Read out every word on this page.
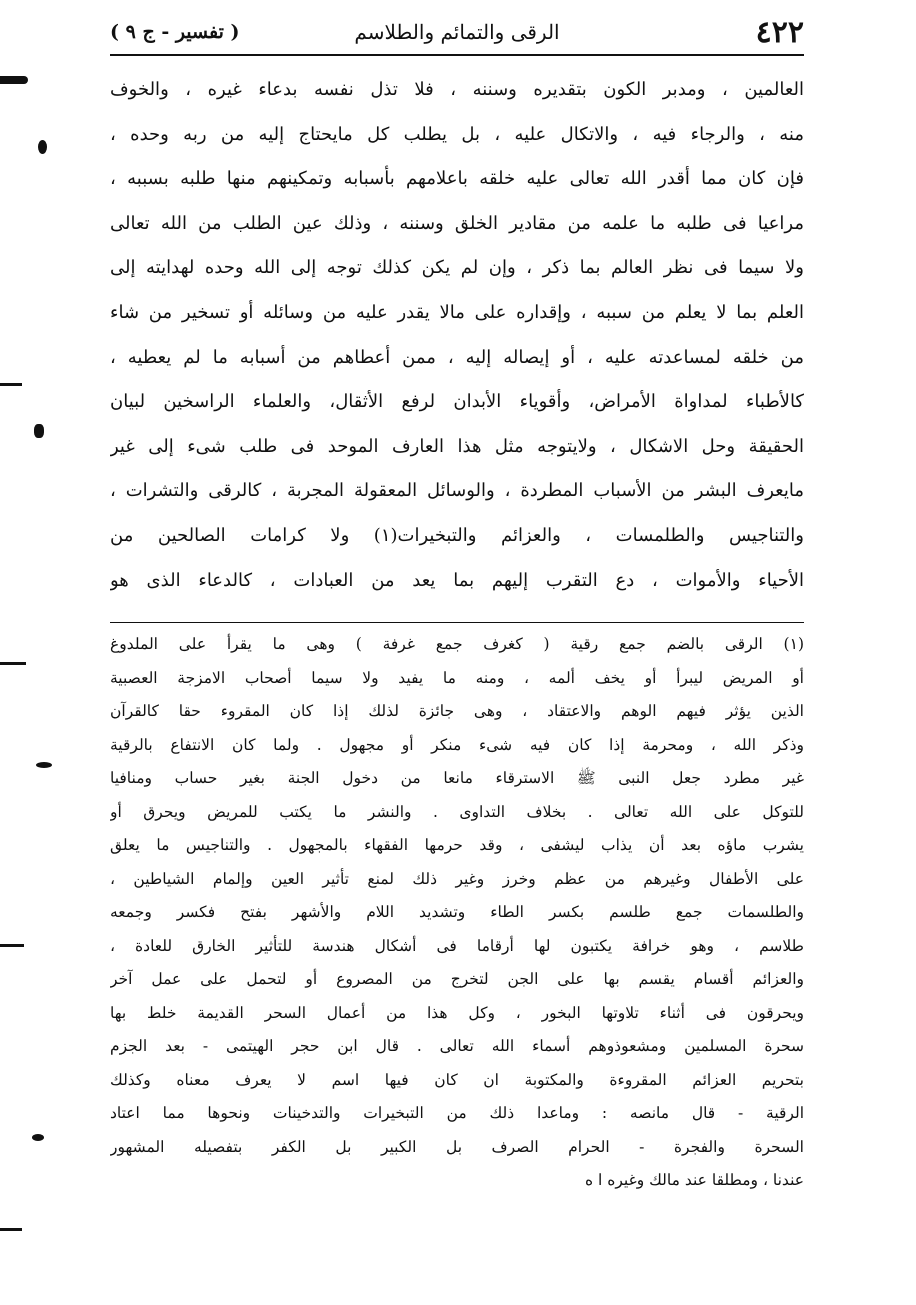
٤٢٢
الرقى والتمائم والطلاسم
( تفسير - ج ٩ )
العالمين ، ومدبر الكون بتقديره وسننه ، فلا تذل نفسه بدعاء غيره ، والخوف
منه ، والرجاء فيه ، والاتكال عليه ، بل يطلب كل مايحتاج إليه من ربه وحده ،
فإن كان مما أقدر الله تعالى عليه خلقه باعلامهم بأسبابه وتمكينهم منها طلبه بسببه ،
مراعيا فى طلبه ما علمه من مقادير الخلق وسننه ، وذلك عين الطلب من الله تعالى
ولا سيما فى نظر العالم بما ذكر ، وإن لم يكن كذلك توجه إلى الله وحده لهدايته إلى
العلم بما لا يعلم من سببه ، وإقداره على مالا يقدر عليه من وسائله أو تسخير من شاء
من خلقه لمساعدته عليه ، أو إيصاله إليه ، ممن أعطاهم من أسبابه ما لم يعطيه ،
كالأطباء لمداواة الأمراض، وأقوياء الأبدان لرفع الأثقال، والعلماء الراسخين لبيان
الحقيقة وحل الاشكال ، ولايتوجه مثل هذا العارف الموحد فى طلب شىء إلى غير
مايعرف البشر من الأسباب المطردة ، والوسائل المعقولة المجربة ، كالرقى والتشرات ،
والتناجيس والطلمسات ، والعزائم والتبخيرات(١) ولا كرامات الصالحين من
الأحياء والأموات ، دع التقرب إليهم بما يعد من العبادات ، كالدعاء الذى هو
(١) الرقى بالضم جمع رقية ( كغرف جمع غرفة ) وهى ما يقرأ على الملدوغ
أو المريض ليبرأ أو يخف ألمه ، ومنه ما يفيد ولا سيما أصحاب الامزجة العصبية
الذين يؤثر فيهم الوهم والاعتقاد ، وهى جائزة لذلك إذا كان المقروء حقا كالقرآن
وذكر الله ، ومحرمة إذا كان فيه شىء منكر أو مجهول . ولما كان الانتفاع بالرقية
غير مطرد جعل النبى ﷺ الاسترقاء مانعا من دخول الجنة بغير حساب ومنافيا
للتوكل على الله تعالى . بخلاف التداوى . والنشر ما يكتب للمريض ويحرق أو
يشرب ماؤه بعد أن يذاب ليشفى ، وقد حرمها الفقهاء بالمجهول . والتناجيس ما يعلق
على الأطفال وغيرهم من عظم وخرز وغير ذلك لمنع تأثير العين وإلمام الشياطين ،
والطلسمات جمع طلسم بكسر الطاء وتشديد اللام والأشهر بفتح فكسر وجمعه
طلاسم ، وهو خرافة يكتبون لها أرقاما فى أشكال هندسة للتأثير الخارق للعادة ،
والعزائم أقسام يقسم بها على الجن لتخرج من المصروع أو لتحمل على عمل آخر
ويحرقون فى أثناء تلاوتها البخور ، وكل هذا من أعمال السحر القديمة خلط بها
سحرة المسلمين ومشعوذوهم أسماء الله تعالى . قال ابن حجر الهيتمى - بعد الجزم
بتحريم العزائم المقروءة والمكتوبة ان كان فيها اسم لا يعرف معناه وكذلك
الرقية - قال مانصه : وماعدا ذلك من التبخيرات والتدخينات ونحوها مما اعتاد
السحرة والفجرة - الحرام الصرف بل الكبير بل الكفر بتفصيله المشهور
عندنا ، ومطلقا عند مالك وغيره ا ه
